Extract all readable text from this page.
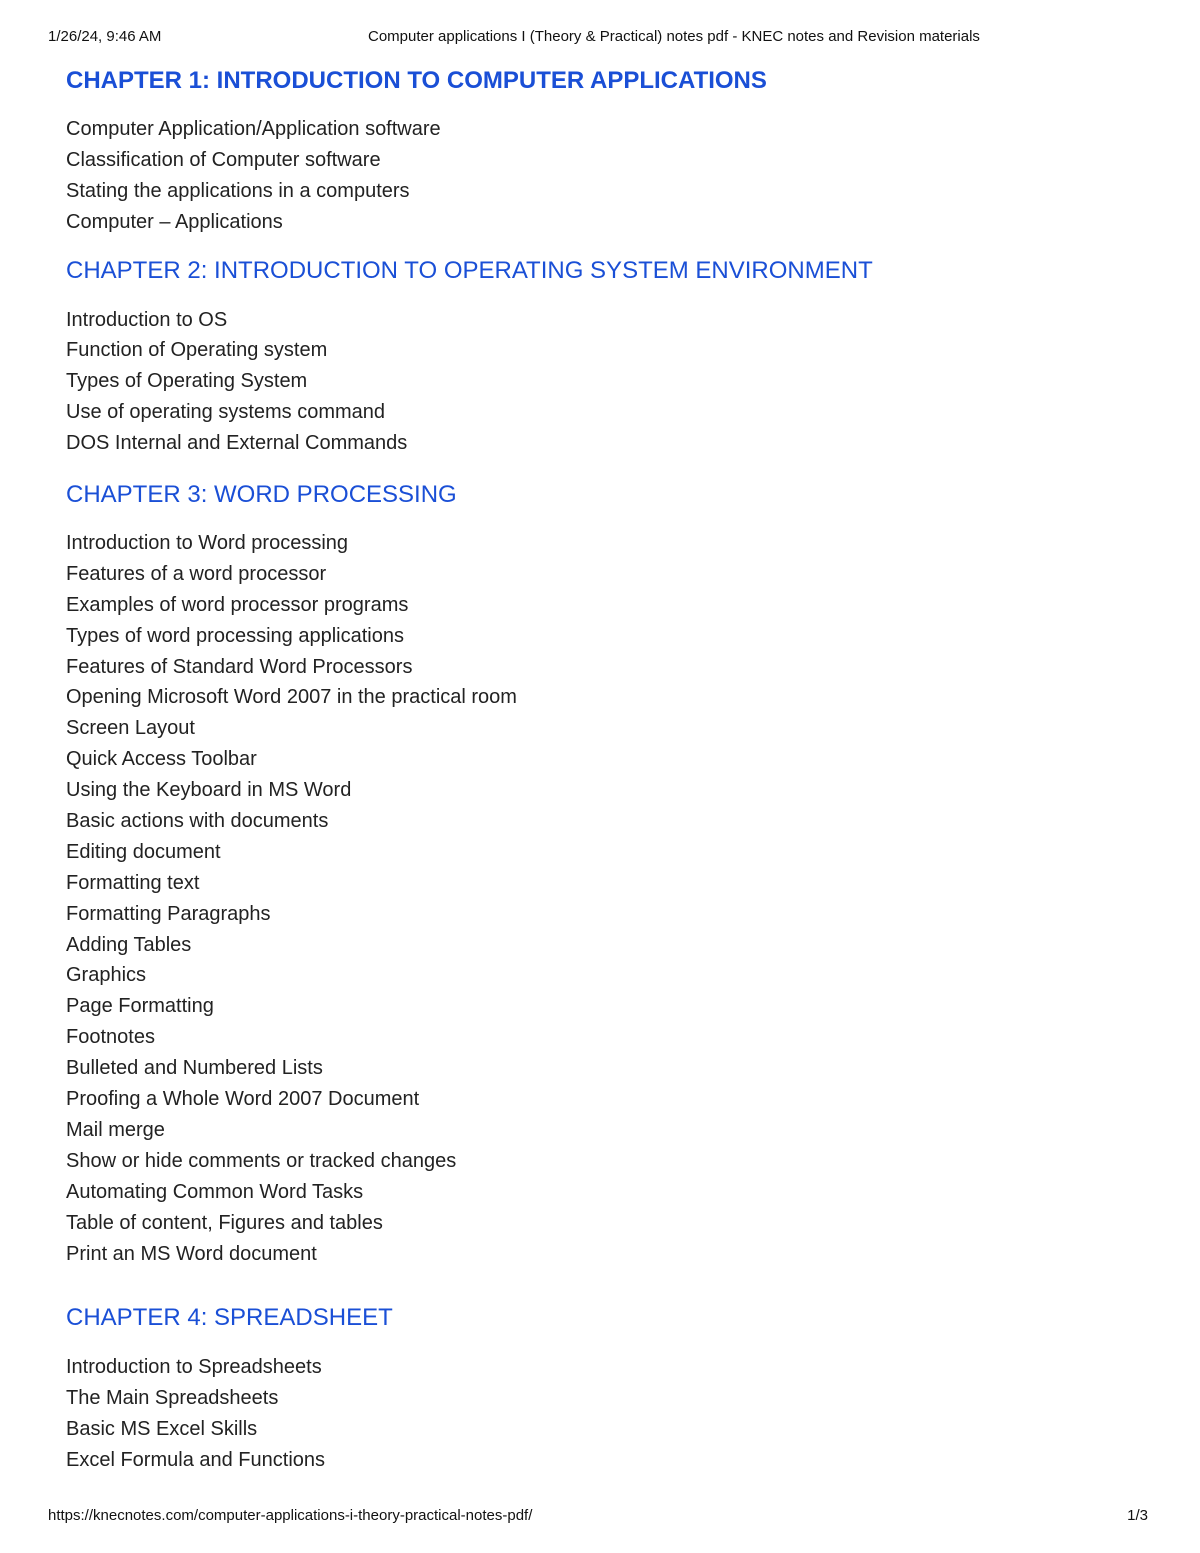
1/26/24, 9:46 AM	Computer applications I (Theory & Practical) notes pdf - KNEC notes and Revision materials
CHAPTER 1: INTRODUCTION TO COMPUTER APPLICATIONS
Computer Application/Application software
Classification of Computer software
Stating the applications in a computers
Computer – Applications
CHAPTER 2: INTRODUCTION TO OPERATING SYSTEM ENVIRONMENT
Introduction to OS
Function of Operating system
Types of Operating System
Use of operating systems command
DOS Internal and External Commands
CHAPTER 3: WORD PROCESSING
Introduction to Word processing
Features of a word processor
Examples of word processor programs
Types of word processing applications
Features of Standard Word Processors
Opening Microsoft Word 2007 in the practical room
Screen Layout
Quick Access Toolbar
Using the Keyboard in MS Word
Basic actions with documents
Editing document
Formatting text
Formatting Paragraphs
Adding Tables
Graphics
Page Formatting
Footnotes
Bulleted and Numbered Lists
Proofing a Whole Word 2007 Document
Mail merge
Show or hide comments or tracked changes
Automating Common Word Tasks
Table of content, Figures and tables
Print an MS Word document
CHAPTER 4: SPREADSHEET
Introduction to Spreadsheets
The Main Spreadsheets
Basic MS Excel Skills
Excel Formula and Functions
https://knecnotes.com/computer-applications-i-theory-practical-notes-pdf/	1/3
